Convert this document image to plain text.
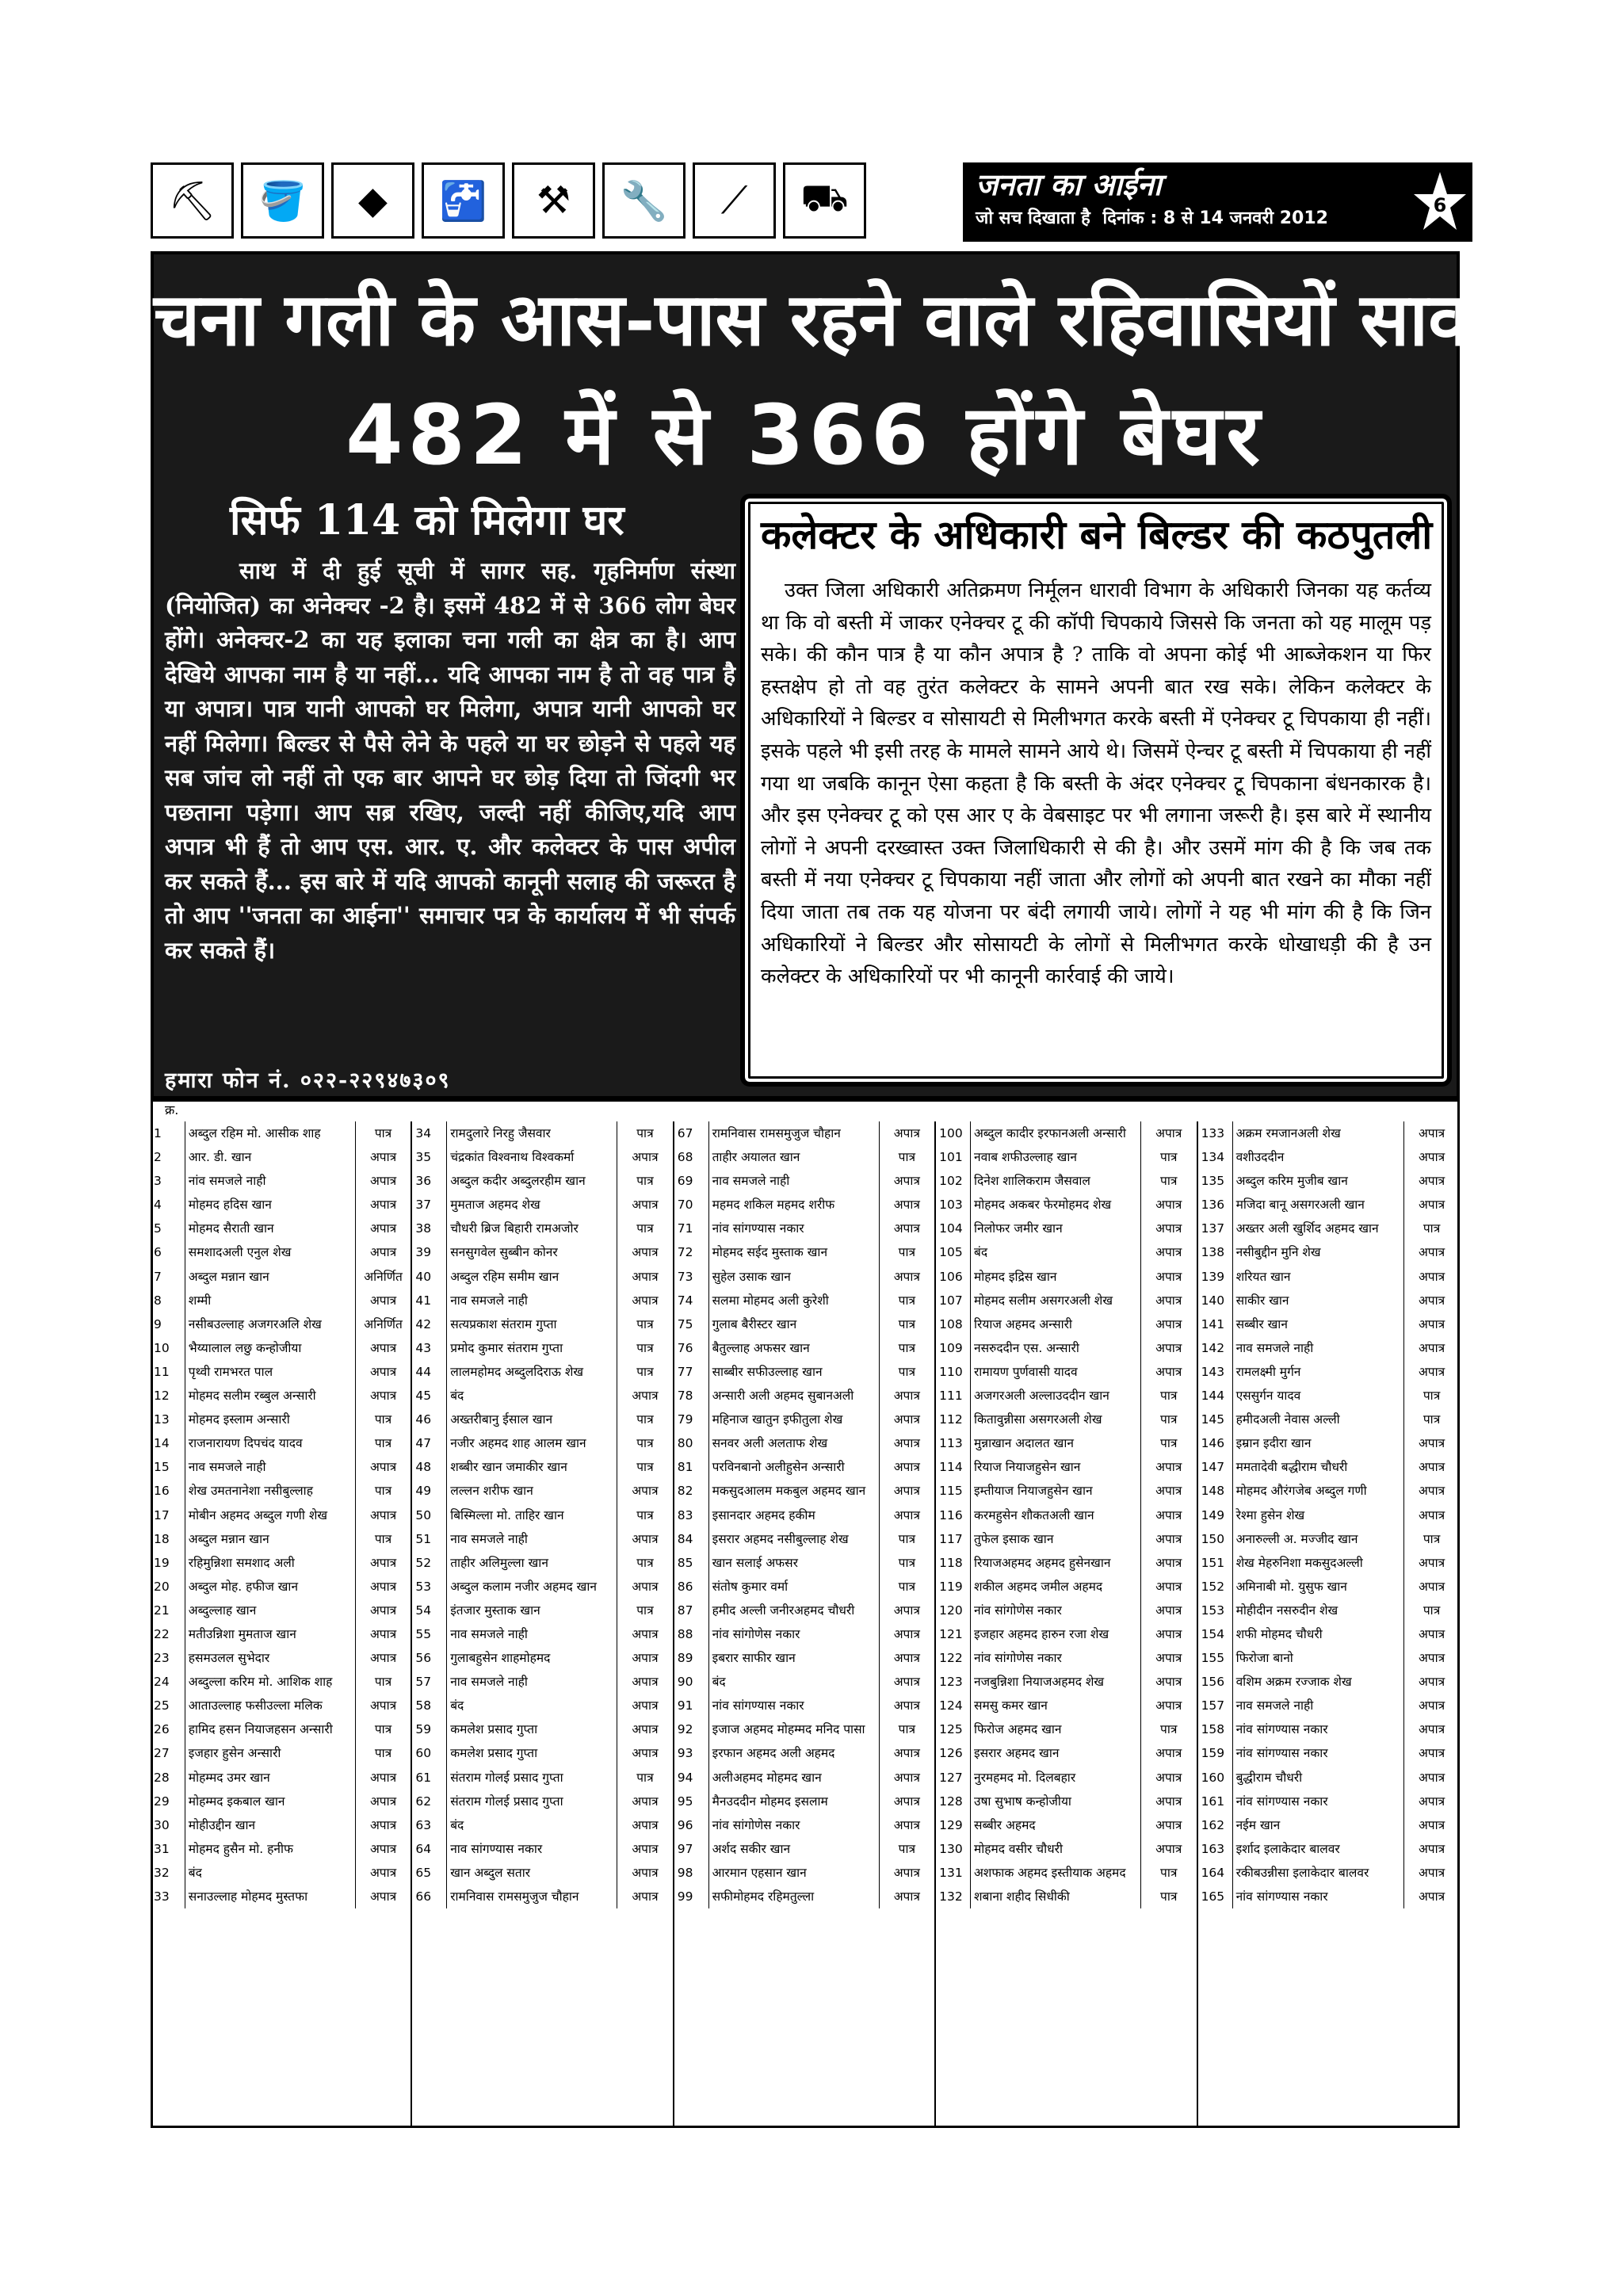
⛏	🪣	◆	🚰	⚒	🔧	⟋	⛟	जनता का आईना
जो सच दिखाता है दिनांक : 8 से 14 जनवरी 2012
6
चना गली के आस-पास रहने वाले रहिवासियों सावधान!
482 में से 366 होंगे बेघर
सिर्फ 114 को मिलेगा घर
साथ में दी हुई सूची में सागर सह. गृहनिर्माण संस्था (नियोजित) का अनेक्चर -2 है। इसमें 482 में से 366 लोग बेघर होंगे। अनेक्चर-2 का यह इलाका चना गली का क्षेत्र का है। आप देखिये आपका नाम है या नहीं... यदि आपका नाम है तो वह पात्र है या अपात्र। पात्र यानी आपको घर मिलेगा, अपात्र यानी आपको घर नहीं मिलेगा। बिल्डर से पैसे लेने के पहले या घर छोड़ने से पहले यह सब जांच लो नहीं तो एक बार आपने घर छोड़ दिया तो जिंदगी भर पछताना पड़ेगा। आप सब्र रखिए, जल्दी नहीं कीजिए,यदि आप अपात्र भी हैं तो आप एस. आर. ए. और कलेक्टर के पास अपील कर सकते हैं... इस बारे में यदि आपको कानूनी सलाह की जरूरत है तो आप ''जनता का आईना'' समाचार पत्र के कार्यालय में भी संपर्क कर सकते हैं।
हमारा फोन नं. ०२२-२२९४७३०९
कलेक्टर के अधिकारी बने बिल्डर की कठपुतली
उक्त जिला अधिकारी अतिक्रमण निर्मूलन धारावी विभाग के अधिकारी जिनका यह कर्तव्य था कि वो बस्ती में जाकर एनेक्चर टू की कॉपी चिपकाये जिससे कि जनता को यह मालूम पड़ सके। की कौन पात्र है या कौन अपात्र है ? ताकि वो अपना कोई भी आब्जेकशन या फिर हस्तक्षेप हो तो वह तुरंत कलेक्टर के सामने अपनी बात रख सके। लेकिन कलेक्टर के अधिकारियों ने बिल्डर व सोसायटी से मिलीभगत करके बस्ती में एनेक्चर टू चिपकाया ही नहीं। इसके पहले भी इसी तरह के मामले सामने आये थे। जिसमें ऐन्चर टू बस्ती में चिपकाया ही नहीं गया था जबकि कानून ऐसा कहता है कि बस्ती के अंदर एनेक्चर टू चिपकाना बंधनकारक है। और इस एनेक्चर टू को एस आर ए के वेबसाइट पर भी लगाना जरूरी है। इस बारे में स्थानीय लोगों ने अपनी दरख्वास्त उक्त जिलाधिकारी से की है। और उसमें मांग की है कि जब तक बस्ती में नया एनेक्चर टू चिपकाया नहीं जाता और लोगों को अपनी बात रखने का मौका नहीं दिया जाता तब तक यह योजना पर बंदी लगायी जाये। लोगों ने यह भी मांग की है कि जिन अधिकारियों ने बिल्डर और सोसायटी के लोगों से मिलीभगत करके धोखाधड़ी की है उन कलेक्टर के अधिकारियों पर भी कानूनी कार्रवाई की जाये।
क्र.
1	अब्दुल रहिम मो. आसीक शाह	पात्र
2	आर. डी. खान	अपात्र
3	नांव समजले नाही	अपात्र
4	मोहमद हदिस खान	अपात्र
5	मोहमद सैराती खान	अपात्र
6	समशादअली एनुल शेख	अपात्र
7	अब्दुल मन्नान खान	अनिर्णित
8	शम्मी	अपात्र
9	नसीबउल्लाह अजगरअलि शेख	अनिर्णित
10	भैय्यालाल लछु कन्होजीया	अपात्र
11	पृथ्वी रामभरत पाल	अपात्र
12	मोहमद सलीम रब्बुल अन्सारी	अपात्र
13	मोहमद इस्लाम अन्सारी	पात्र
14	राजनारायण दिपचंद यादव	पात्र
15	नाव समजले नाही	अपात्र
16	शेख उमतनानेशा नसीबुल्लाह	पात्र
17	मोबीन अहमद अब्दुल गणी शेख	अपात्र
18	अब्दुल मन्नान खान	पात्र
19	रहिमुन्निशा समशाद अली	अपात्र
20	अब्दुल मोह. हफीज खान	अपात्र
21	अब्दुल्लाह खान	अपात्र
22	मतीउन्निशा मुमताज खान	अपात्र
23	हसमउलल सुभेदार	अपात्र
24	अब्दुल्ला करिम मो. आशिक शाह	पात्र
25	आताउल्लाह फसीउल्ला मलिक	अपात्र
26	हामिद हसन नियाजहसन अन्सारी	पात्र
27	इजहार हुसेन अन्सारी	पात्र
28	मोहम्मद उमर खान	अपात्र
29	मोहम्मद इकबाल खान	अपात्र
30	मोहीउद्दीन खान	अपात्र
31	मोहमद हुसैन मो. हनीफ	अपात्र
32	बंद	अपात्र
33	सनाउल्लाह मोहमद मुस्तफा	अपात्र
34	रामदुलारे निरहु जैसवार	पात्र
35	चंद्रकांत विश्वनाथ विश्वकर्मा	अपात्र
36	अब्दुल कदीर अब्दुलरहीम खान	पात्र
37	मुमताज अहमद शेख	अपात्र
38	चौधरी ब्रिज बिहारी रामअजोर	पात्र
39	सनसुगवेल सुब्बीन कोनर	अपात्र
40	अब्दुल रहिम समीम खान	अपात्र
41	नाव समजले नाही	अपात्र
42	सत्यप्रकाश संतराम गुप्ता	पात्र
43	प्रमोद कुमार संतराम गुप्ता	पात्र
44	लालमहोमद अब्दुलदिराऊ शेख	पात्र
45	बंद	अपात्र
46	अख्तरीबानु ईसाल खान	पात्र
47	नजीर अहमद शाह आलम खान	पात्र
48	शब्बीर खान जमाकीर खान	पात्र
49	लल्लन शरीफ खान	अपात्र
50	बिस्मिल्ला मो. ताहिर खान	पात्र
51	नाव समजले नाही	अपात्र
52	ताहीर अलिमुल्ला खान	पात्र
53	अब्दुल कलाम नजीर अहमद खान	अपात्र
54	इंतजार मुस्ताक खान	पात्र
55	नाव समजले नाही	अपात्र
56	गुलाबहुसेन शाहमोहमद	अपात्र
57	नाव समजले नाही	अपात्र
58	बंद	अपात्र
59	कमलेश प्रसाद गुप्ता	अपात्र
60	कमलेश प्रसाद गुप्ता	अपात्र
61	संतराम गोलई प्रसाद गुप्ता	पात्र
62	संतराम गोलई प्रसाद गुप्ता	अपात्र
63	बंद	अपात्र
64	नाव सांगण्यास नकार	अपात्र
65	खान अब्दुल सतार	अपात्र
66	रामनिवास रामसमुजुज चौहान	अपात्र
67	रामनिवास रामसमुजुज चौहान	अपात्र
68	ताहीर अयालत खान	पात्र
69	नाव समजले नाही	अपात्र
70	महमद शकिल महमद शरीफ	अपात्र
71	नांव सांगण्यास नकार	अपात्र
72	मोहमद सईद मुस्ताक खान	पात्र
73	सुहेल उसाक खान	अपात्र
74	सलमा मोहमद अली कुरेशी	पात्र
75	गुलाब बैरीस्टर खान	पात्र
76	बैतुल्लाह अफसर खान	पात्र
77	साब्बीर सफीउल्लाह खान	पात्र
78	अन्सारी अली अहमद सुबानअली	अपात्र
79	महिनाज खातुन इफीतुला शेख	अपात्र
80	सनवर अली अलताफ शेख	अपात्र
81	परविनबानो अलीहुसेन अन्सारी	अपात्र
82	मकसुदआलम मकबुल अहमद खान	अपात्र
83	इसानदार अहमद हकीम	अपात्र
84	इसरार अहमद नसीबुल्लाह शेख	पात्र
85	खान सलाई अफसर	पात्र
86	संतोष कुमार वर्मा	पात्र
87	हमीद अल्ली जनीरअहमद चौधरी	अपात्र
88	नांव सांगोणेस नकार	अपात्र
89	इबरार साफीर खान	अपात्र
90	बंद	अपात्र
91	नांव सांगण्यास नकार	अपात्र
92	इजाज अहमद मोहम्मद मनिद पासा	पात्र
93	इरफान अहमद अली अहमद	अपात्र
94	अलीअहमद मोहमद खान	अपात्र
95	मैनउददीन मोहमद इसलाम	अपात्र
96	नांव सांगोणेस नकार	अपात्र
97	अर्शद सकीर खान	पात्र
98	आरमान एहसान खान	अपात्र
99	सफीमोहमद रहिमतुल्ला	अपात्र
100 अब्दुल कादीर इरफानअली अन्सारी	अपात्र
101 नवाब शफीउल्लाह खान	पात्र
102 दिनेश शालिकराम जैसवाल	पात्र
103 मोहमद अकबर फेरमोहमद शेख	अपात्र
104 निलोफर जमीर खान	अपात्र
105 बंद	अपात्र
106 मोहमद इद्रिस खान	अपात्र
107 मोहमद सलीम असगरअली शेख	अपात्र
108 रियाज अहमद अन्सारी	अपात्र
109 नसरुददीन एस. अन्सारी	अपात्र
110 रामायण पुर्णवासी यादव	अपात्र
111 अजगरअली अल्लाउददीन खान	पात्र
112 कितावुन्नीसा असगरअली शेख	पात्र
113 मुन्नाखान अदालत खान	पात्र
114 रियाज नियाजहुसेन खान	अपात्र
115 इम्तीयाज नियाजहुसेन खान	अपात्र
116 करमहुसेन शौकतअली खान	अपात्र
117 तुफेल इसाक खान	अपात्र
118 रियाजअहमद अहमद हुसेनखान	अपात्र
119 शकील अहमद जमील अहमद	अपात्र
120 नांव सांगोणेस नकार	अपात्र
121 इजहार अहमद हारुन रजा शेख	अपात्र
122 नांव सांगोणेस नकार	अपात्र
123 नजबुन्निशा नियाजअहमद शेख	अपात्र
124 समसु कमर खान	अपात्र
125 फिरोज अहमद खान	पात्र
126 इसरार अहमद खान	अपात्र
127 नुरमहमद मो. दिलबहार	अपात्र
128 उषा सुभाष कन्होजीया	अपात्र
129 सब्बीर अहमद	अपात्र
130 मोहमद वसीर चौधरी	अपात्र
131 अशफाक अहमद इस्तीयाक अहमद	पात्र
132 शबाना शहीद सिधीकी	पात्र
133 अक्रम रमजानअली शेख	अपात्र
134 वशीउददीन	अपात्र
135 अब्दुल करिम मुजीब खान	अपात्र
136 मजिदा बानू असगरअली खान	अपात्र
137 अख्तर अली खुर्शिद अहमद खान	पात्र
138 नसीबुद्दीन मुनि शेख	अपात्र
139 शरियत खान	अपात्र
140 साकीर खान	अपात्र
141 सब्बीर खान	अपात्र
142 नाव समजले नाही	अपात्र
143 रामलक्ष्मी मुर्गन	अपात्र
144 एससुर्गन यादव	पात्र
145 हमीदअली नेवास अल्ली	पात्र
146 इम्रान इदीरा खान	अपात्र
147 ममतादेवी बद्धीराम चौधरी	अपात्र
148 मोहमद औरंगजेब अब्दुल गणी	अपात्र
149 रेश्मा हुसेन शेख	अपात्र
150 अनारुल्ली अ. मज्जीद खान	पात्र
151 शेख मेहरुनिशा मकसुदअल्ली	अपात्र
152 अमिनाबी मो. युसुफ खान	अपात्र
153 मोहीदीन नसरुदीन शेख	पात्र
154 शफी मोहमद चौधरी	अपात्र
155 फिरोजा बानो	अपात्र
156 वशिम अक्रम रज्जाक शेख	अपात्र
157 नाव समजले नाही	अपात्र
158 नांव सांगण्यास नकार	अपात्र
159 नांव सांगण्यास नकार	अपात्र
160 बुद्धीराम चौधरी	अपात्र
161 नांव सांगण्यास नकार	अपात्र
162 नईम खान	अपात्र
163 इर्शाद इलाकेदार बालवर	अपात्र
164 रकीबउन्नीसा इलाकेदार बालवर	अपात्र
165 नांव सांगण्यास नकार	अपात्र
